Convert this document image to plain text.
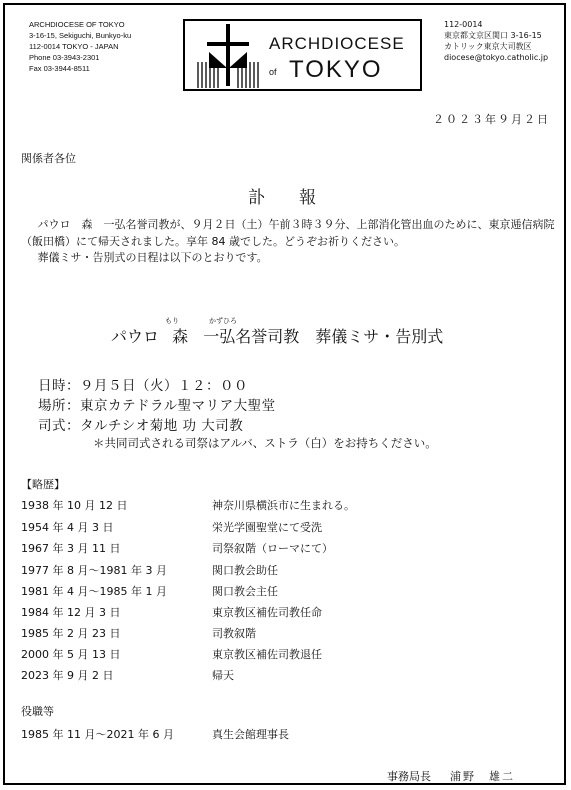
ARCHDIOCESE OF TOKYO
3-16-15, Sekiguchi, Bunkyo-ku
112-0014 TOKYO - JAPAN
Phone 03-3943-2301
Fax 03-3944-8511
ARCHDIOCESE
of TOKYO
112-0014
東京都文京区関口 3-16-15
カトリック東京大司教区
diocese@tokyo.catholic.jp
２０２３年９月２日
関係者各位
訃　　報

パウロ　森　一弘名誉司教が、９月２日（土）午前３時３９分、上部消化管出血のために、東京逓信病院（飯田橋）にて帰天されました。享年 84 歳でした。どうぞお祈りください。

葬儀ミサ・告別式の日程は以下のとおりです。

もり	かずひろ
パウロ 森 一弘名誉司教　葬儀ミサ・告別式
日時：９月５日（火）１２：００
場所：東京カテドラル聖マリア大聖堂
司式：タルチシオ菊地 功 大司教
＊共同司式される司祭はアルバ、ストラ（白）をお持ちください。
【略歴】
1938 年 10 月 12 日	神奈川県横浜市に生まれる。
1954 年 4 月 3 日	栄光学園聖堂にて受洗
1967 年 3 月 11 日	司祭叙階（ローマにて）
1977 年 8 月〜1981 年 3 月	関口教会助任
1981 年 4 月〜1985 年 1 月	関口教会主任
1984 年 12 月 3 日	東京教区補佐司教任命
1985 年 2 月 23 日	司教叙階
2000 年 5 月 13 日	東京教区補佐司教退任
2023 年 9 月 2 日	帰天
役職等
1985 年 11 月〜2021 年 6 月	真生会館理事長
事務局長 浦野　雄二
